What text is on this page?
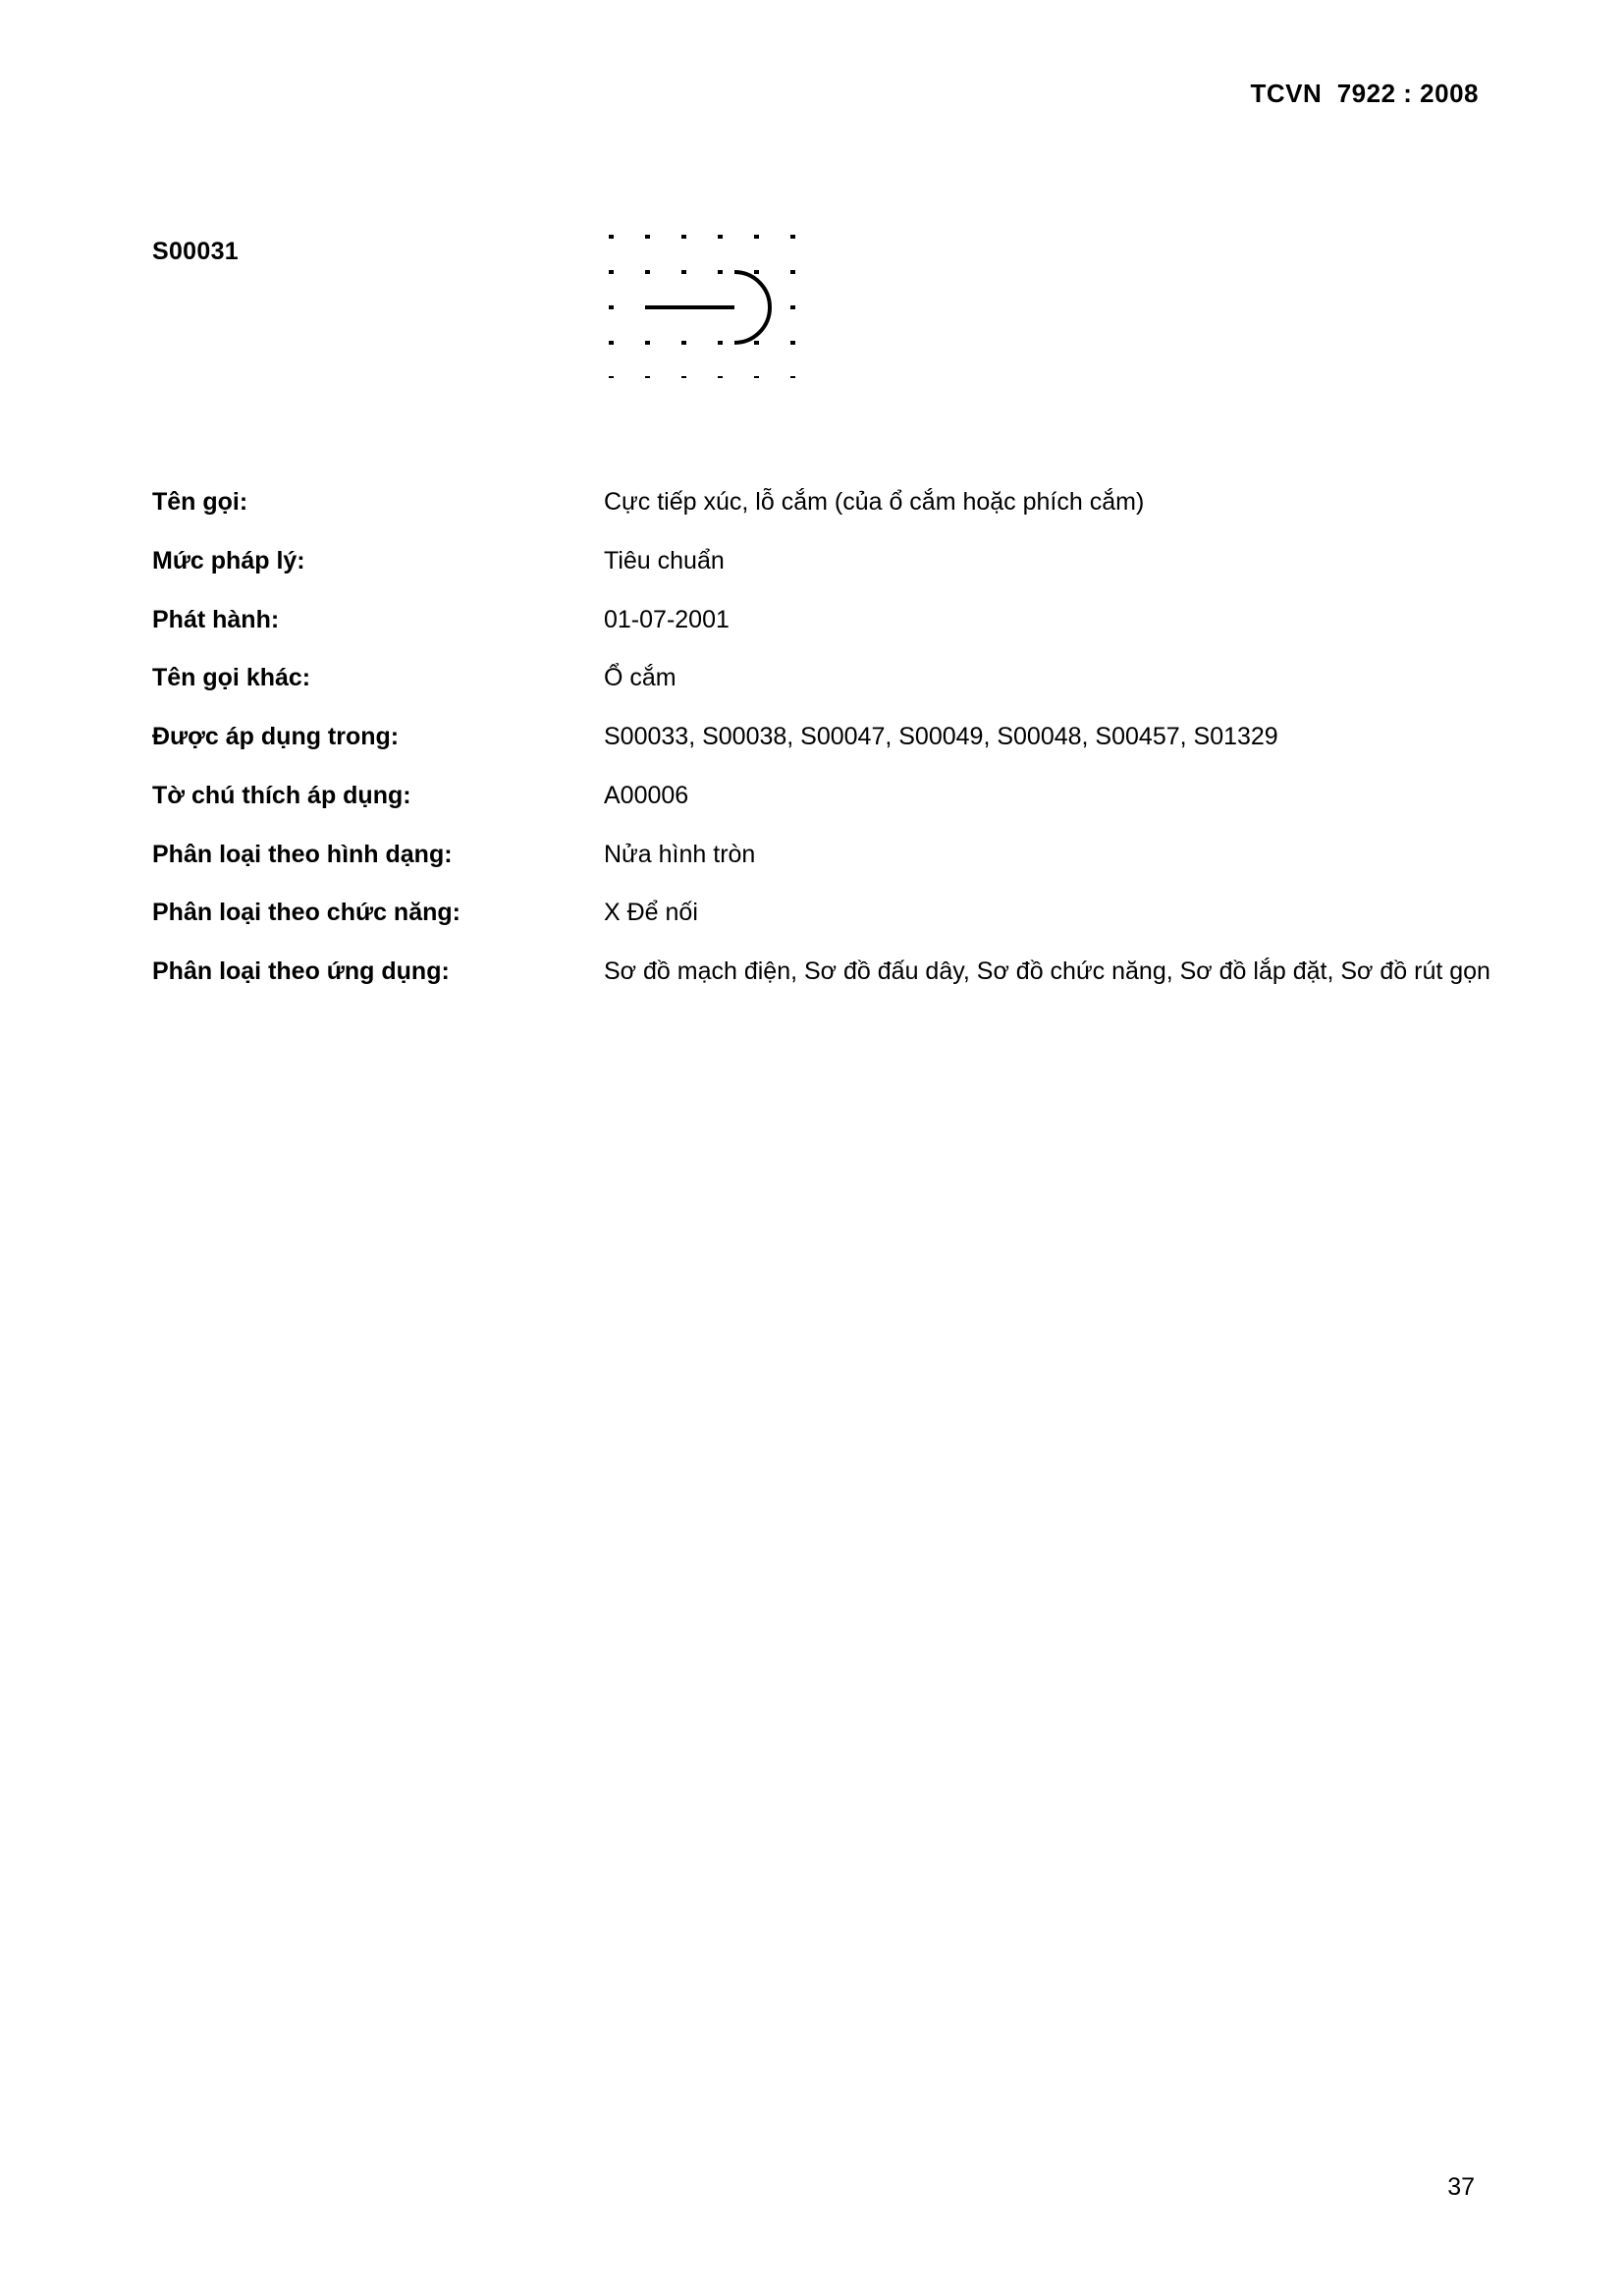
TCVN  7922 : 2008
S00031
Tên gọi:	Cực tiếp xúc, lỗ cắm (của ổ cắm hoặc phích cắm)
Mức pháp lý:	Tiêu chuẩn
Phát hành:	01-07-2001
Tên gọi khác:	Ổ cắm
Được áp dụng trong:	S00033, S00038, S00047, S00049, S00048, S00457, S01329
Tờ chú thích áp dụng:	A00006
Phân loại theo hình dạng:	Nửa hình tròn
Phân loại theo chức năng:	X Để nối
Phân loại theo ứng dụng:	Sơ đồ mạch điện, Sơ đồ đấu dây, Sơ đồ chức năng, Sơ đồ lắp đặt, Sơ đồ rút gọn
37
